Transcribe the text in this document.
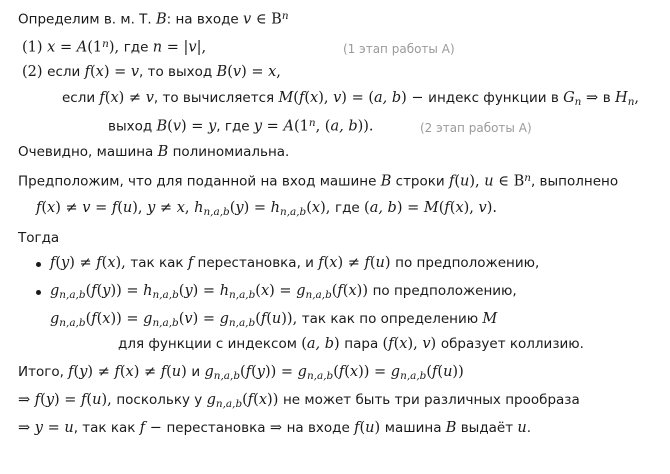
Определим в. м. Т. B: на входе v ∈ $B^n$
(1) $x = A(1^n)$, где n = |v|,	(1 этап работы A)
(2) если f(x) = v, то выход B(v) = x,
если f(x) ≠ v, то вычисляется M(f(x), v) = (a, b) − индекс функции в $G_n$ ⇒ в $H_n$,
выход B(v) = y, где $y = A(1^n$, (a, b)).	(2 этап работы A)
Очевидно, машина B полиномиальна.
Предположим, что для поданной на вход машине B строки f(u), u ∈ $B^n$, выполнено
f(x) ≠ v = f(u), y ≠ x, $h_{n,a,b}(y) = h_{n,a,b}(x)$, где (a, b) = M(f(x), v).
Тогда
f(y) ≠ f(x), так как f перестановка, и f(x) ≠ f(u) по предположению,
$g_{n,a,b}(f(y)) = h_{n,a,b}(y) = h_{n,a,b}(x) = g_{n,a,b}(f(x))$ по предположению,
$g_{n,a,b}(f(x)) = g_{n,a,b}(v) = g_{n,a,b}(f(u))$, так как по определению M
для функции с индексом (a, b) пара (f(x), v) образует коллизию.
Итого, f(y) ≠ f(x) ≠ f(u) и $g_{n,a,b}(f(y)) = g_{n,a,b}(f(x)) = g_{n,a,b}(f(u))$
⇒ f(y) = f(u), поскольку у $g_{n,a,b}(f(x))$ не может быть три различных прообраза
⇒ y = u, так как f − перестановка ⇒ на входе f(u) машина B выдаёт u.
